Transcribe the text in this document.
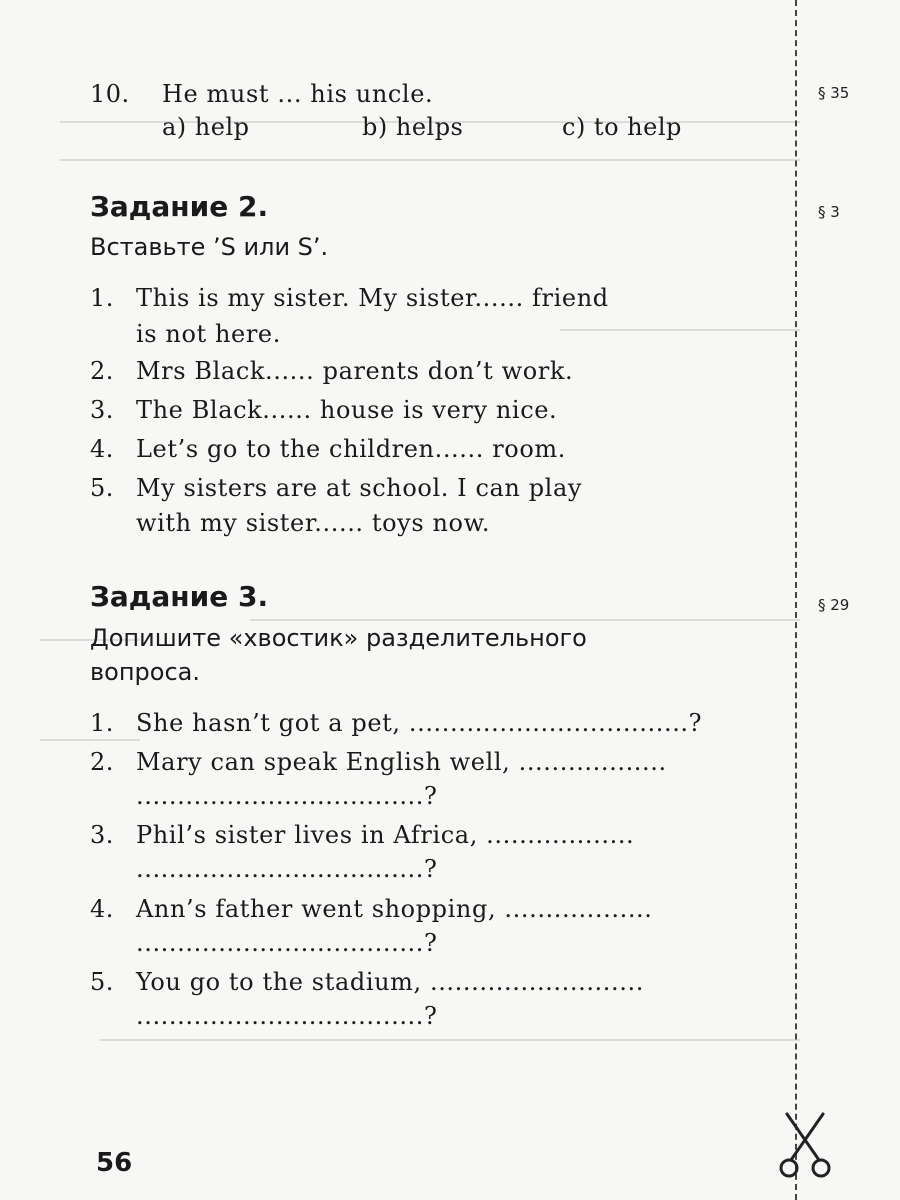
§ 35
§ 3
§ 29
10. He must ... his uncle.
a) help	b) helps	c) to help
Задание 2.
Вставьте ’S или S’.
1. This is my sister. My sister...... friend
is not here.
2. Mrs Black...... parents don’t work.
3. The Black...... house is very nice.
4. Let’s go to the children...... room.
5. My sisters are at school. I can play
with my sister...... toys now.
Задание 3.
Допишите «хвостик» разделительного
вопроса.
1. She hasn’t got a pet, ..................................?
2. Mary can speak English well, ..................
...................................?
3. Phil’s sister lives in Africa, ..................
...................................?
4. Ann’s father went shopping, ..................
...................................?
5. You go to the stadium, ..........................
...................................?
56
